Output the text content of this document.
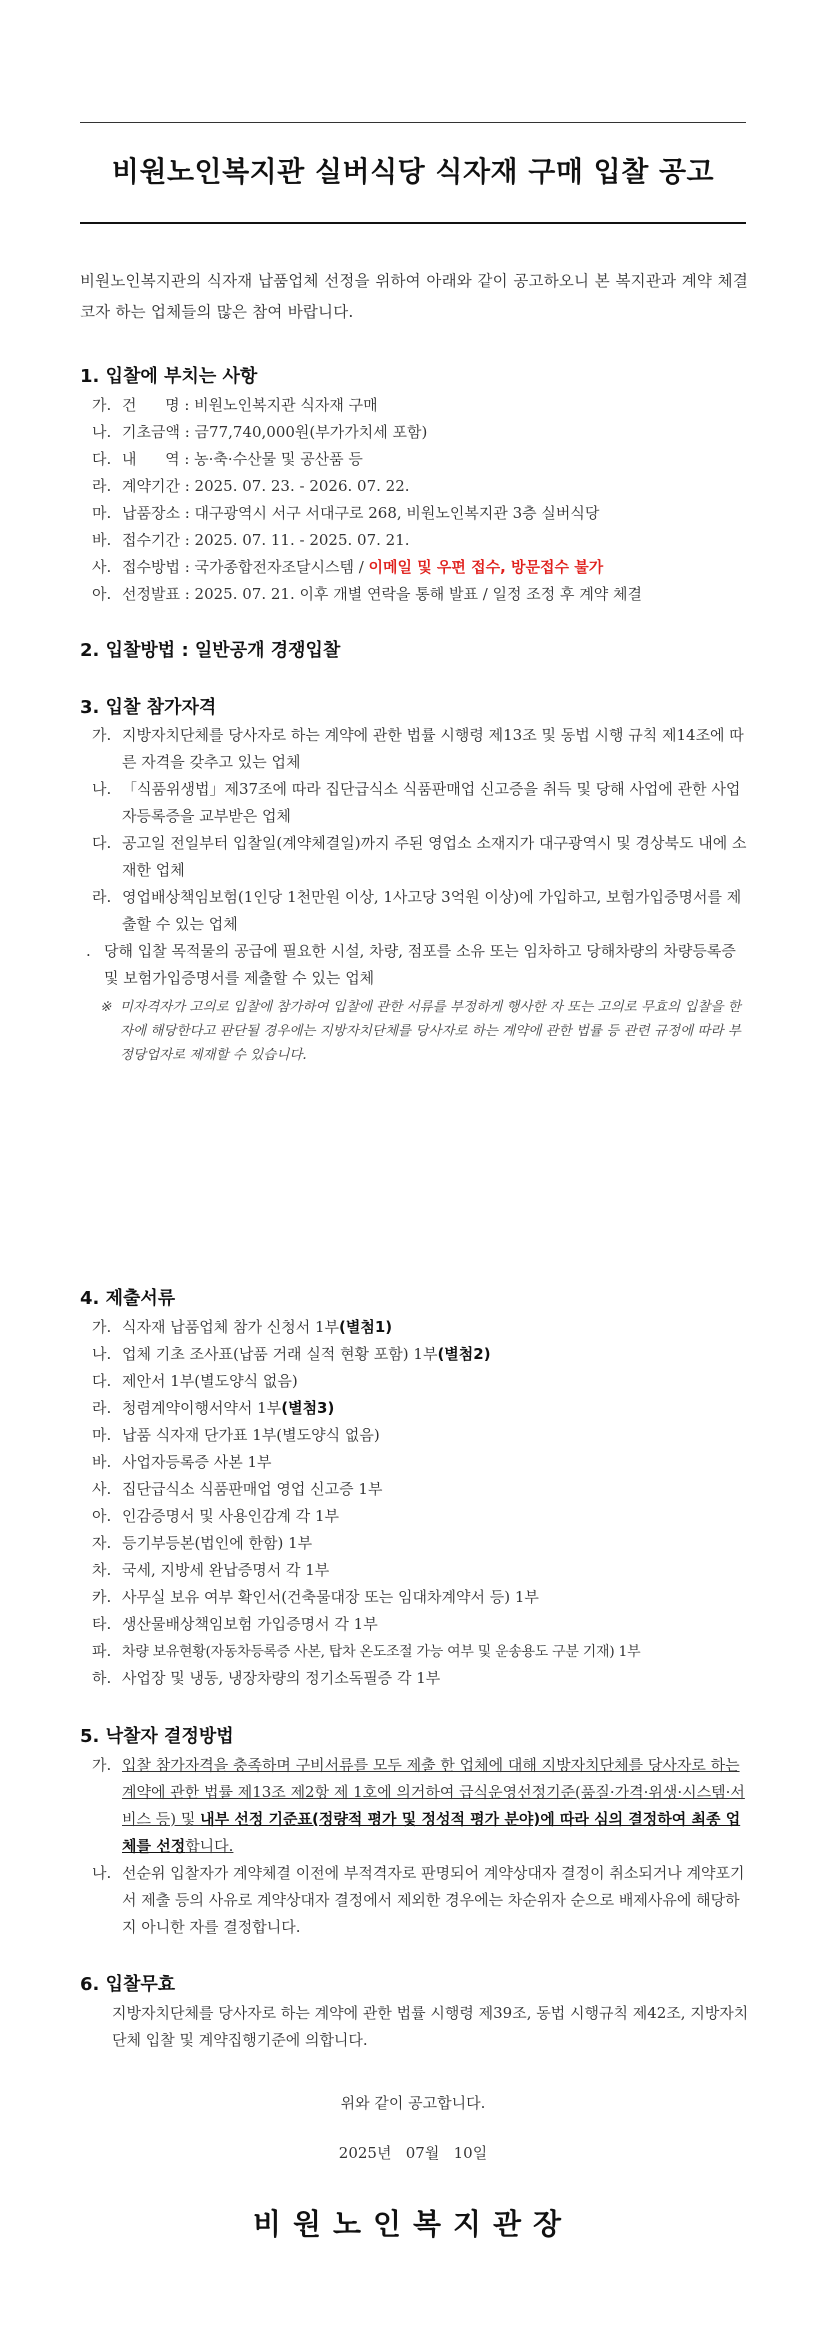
비원노인복지관 실버식당 식자재 구매 입찰 공고
비원노인복지관의 식자재 납품업체 선정을 위하여 아래와 같이 공고하오니 본 복지관과 계약 체결코자 하는 업체들의 많은 참여 바랍니다.
1. 입찰에 부치는 사항
가. 건      명 : 비원노인복지관 식자재 구매
나. 기초금액 : 금77,740,000원(부가가치세 포함)
다. 내      역 : 농·축·수산물 및 공산품 등
라. 계약기간 : 2025. 07. 23. - 2026. 07. 22.
마. 납품장소 : 대구광역시 서구 서대구로 268, 비원노인복지관 3층 실버식당
바. 접수기간 : 2025. 07. 11. - 2025. 07. 21.
사. 접수방법 : 국가종합전자조달시스템 / 이메일 및 우편 접수, 방문접수 불가
아. 선정발표 : 2025. 07. 21. 이후 개별 연락을 통해 발표 / 일정 조정 후 계약 체결
2. 입찰방법 : 일반공개 경쟁입찰
3. 입찰 참가자격
가. 지방자치단체를 당사자로 하는 계약에 관한 법률 시행령 제13조 및 동법 시행 규칙 제14조에 따른 자격을 갖추고 있는 업체
나. 「식품위생법」제37조에 따라 집단급식소 식품판매업 신고증을 취득 및 당해 사업에 관한 사업자등록증을 교부받은 업체
다. 공고일 전일부터 입찰일(계약체결일)까지 주된 영업소 소재지가 대구광역시 및 경상북도 내에 소재한 업체
라. 영업배상책임보험(1인당 1천만원 이상, 1사고당 3억원 이상)에 가입하고, 보험가입증명서를 제출할 수 있는 업체
. 당해 입찰 목적물의 공급에 필요한 시설, 차량, 점포를 소유 또는 임차하고 당해차량의 차량등록증 및 보험가입증명서를 제출할 수 있는 업체
※ 미자격자가 고의로 입찰에 참가하여 입찰에 관한 서류를 부정하게 행사한 자 또는 고의로 무효의 입찰을 한 자에 해당한다고 판단될 경우에는 지방자치단체를 당사자로 하는 계약에 관한 법률 등 관련 규정에 따라 부정당업자로 제재할 수 있습니다.
4. 제출서류
가. 식자재 납품업체 참가 신청서 1부(별첨1)
나. 업체 기초 조사표(납품 거래 실적 현황 포함) 1부(별첨2)
다. 제안서 1부(별도양식 없음)
라. 청렴계약이행서약서 1부(별첨3)
마. 납품 식자재 단가표 1부(별도양식 없음)
바. 사업자등록증 사본 1부
사. 집단급식소 식품판매업 영업 신고증 1부
아. 인감증명서 및 사용인감계 각 1부
자. 등기부등본(법인에 한함) 1부
차. 국세, 지방세 완납증명서 각 1부
카. 사무실 보유 여부 확인서(건축물대장 또는 임대차계약서 등) 1부
타. 생산물배상책임보험 가입증명서 각 1부
파. 차량 보유현황(자동차등록증 사본, 탑차 온도조절 가능 여부 및 운송용도 구분 기재) 1부
하. 사업장 및 냉동, 냉장차량의 정기소독필증 각 1부
5. 낙찰자 결정방법
가. 입찰 참가자격을 충족하며 구비서류를 모두 제출 한 업체에 대해 지방자치단체를 당사자로 하는 계약에 관한 법률 제13조 제2항 제 1호에 의거하여 급식운영선정기준(품질·가격·위생·시스템·서비스 등) 및 내부 선정 기준표(정량적 평가 및 정성적 평가 분야)에 따라 심의 결정하여 최종 업체를 선정합니다.
나. 선순위 입찰자가 계약체결 이전에 부적격자로 판명되어 계약상대자 결정이 취소되거나 계약포기서 제출 등의 사유로 계약상대자 결정에서 제외한 경우에는 차순위자 순으로 배제사유에 해당하지 아니한 자를 결정합니다.
6. 입찰무효
지방자치단체를 당사자로 하는 계약에 관한 법률 시행령 제39조, 동법 시행규칙 제42조, 지방자치단체 입찰 및 계약집행기준에 의합니다.
위와 같이 공고합니다.
2025년   07월   10일
비원노인복지관장
